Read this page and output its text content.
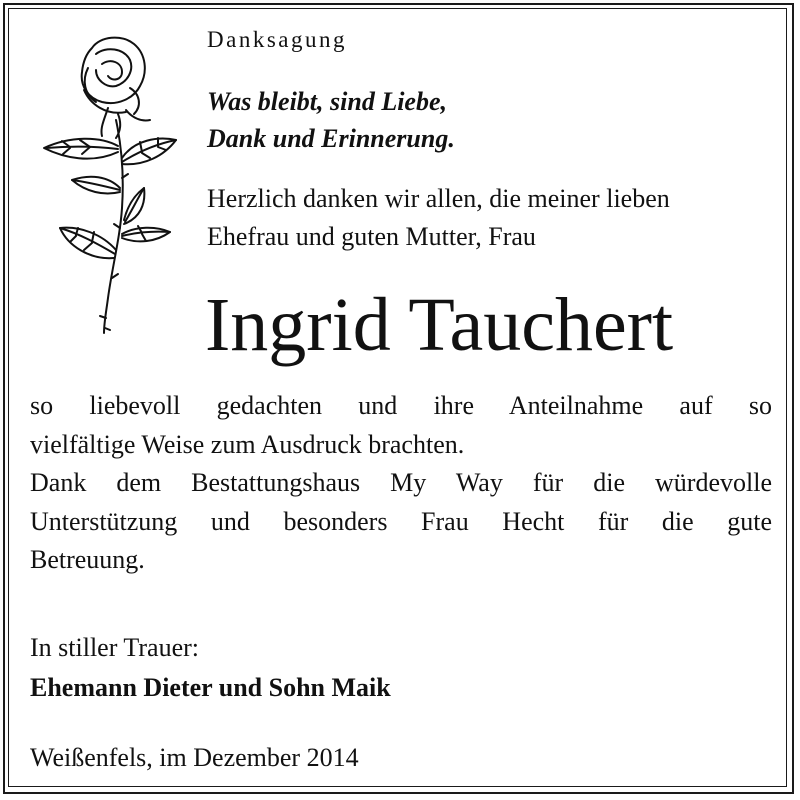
Danksagung
Was bleibt, sind Liebe,
Dank und Erinnerung.
Herzlich danken wir allen, die meiner lieben
Ehefrau und guten Mutter, Frau
Ingrid Tauchert
so liebevoll gedachten und ihre Anteilnahme auf so
vielfältige Weise zum Ausdruck brachten.
Dank dem Bestattungshaus My Way für die würdevolle
Unterstützung und besonders Frau Hecht für die gute
Betreuung.
In stiller Trauer:
Ehemann Dieter und Sohn Maik
Weißenfels, im Dezember 2014
